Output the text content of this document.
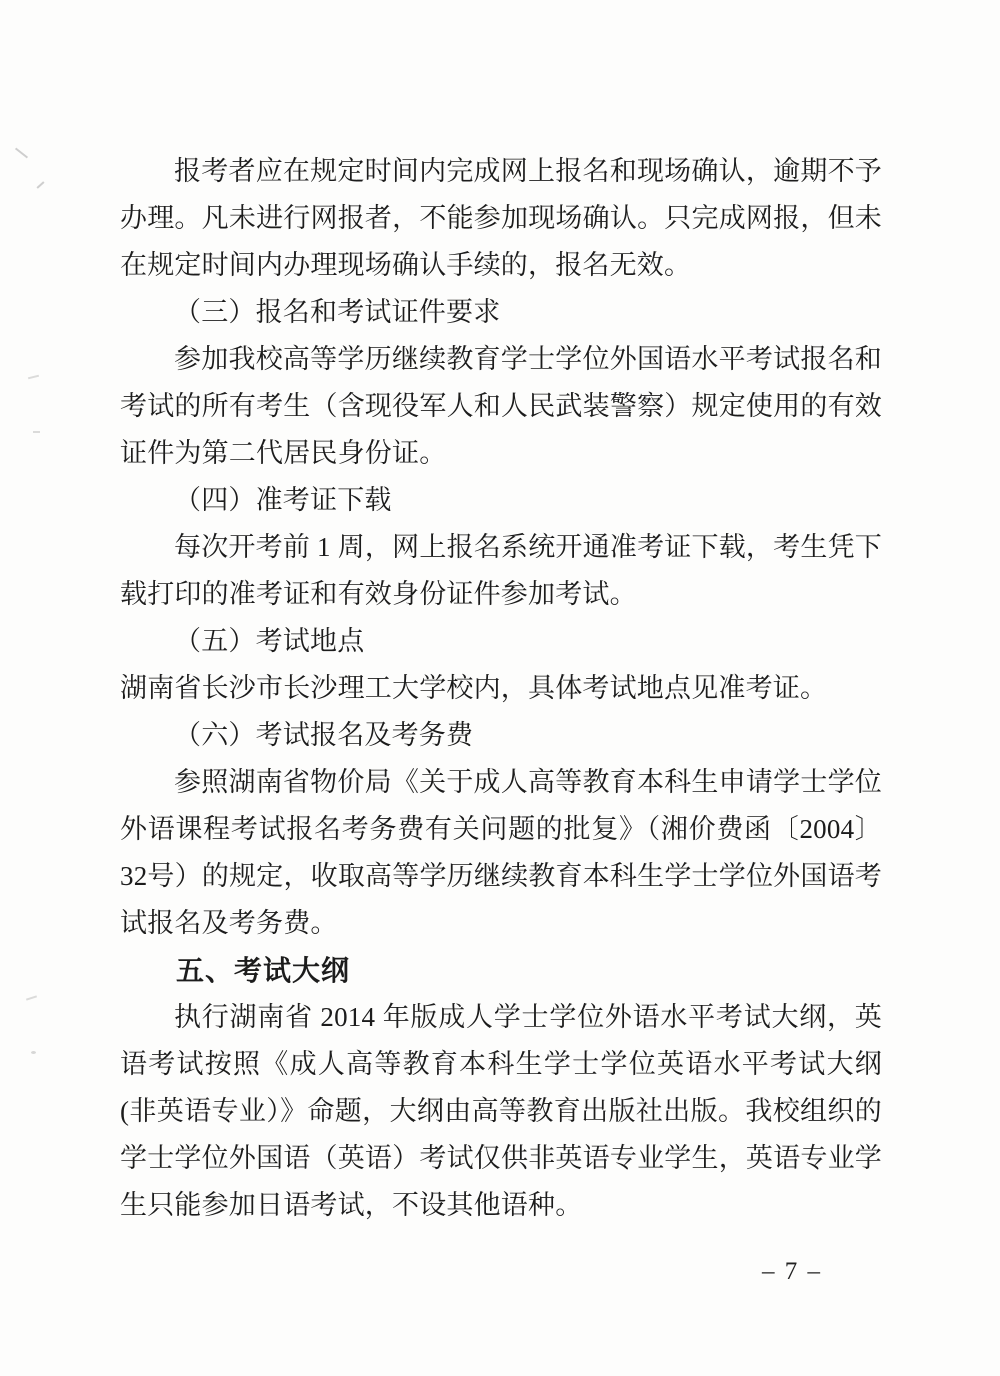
报考者应在规定时间内完成网上报名和现场确认，逾期不予办理。凡未进行网报者，不能参加现场确认。只完成网报，但未在规定时间内办理现场确认手续的，报名无效。

（三）报名和考试证件要求

参加我校高等学历继续教育学士学位外国语水平考试报名和考试的所有考生（含现役军人和人民武装警察）规定使用的有效证件为第二代居民身份证。

（四）准考证下载

每次开考前 1 周，网上报名系统开通准考证下载，考生凭下载打印的准考证和有效身份证件参加考试。

（五）考试地点

湖南省长沙市长沙理工大学校内，具体考试地点见准考证。

（六）考试报名及考务费

参照湖南省物价局《关于成人高等教育本科生申请学士学位外语课程考试报名考务费有关问题的批复》（湘价费函〔2004〕32号）的规定，收取高等学历继续教育本科生学士学位外国语考试报名及考务费。

五、考试大纲

执行湖南省 2014 年版成人学士学位外语水平考试大纲，英语考试按照《成人高等教育本科生学士学位英语水平考试大纲(非英语专业）》命题，大纲由高等教育出版社出版。我校组织的学士学位外国语（英语）考试仅供非英语专业学生，英语专业学生只能参加日语考试，不设其他语种。

– 7 –
